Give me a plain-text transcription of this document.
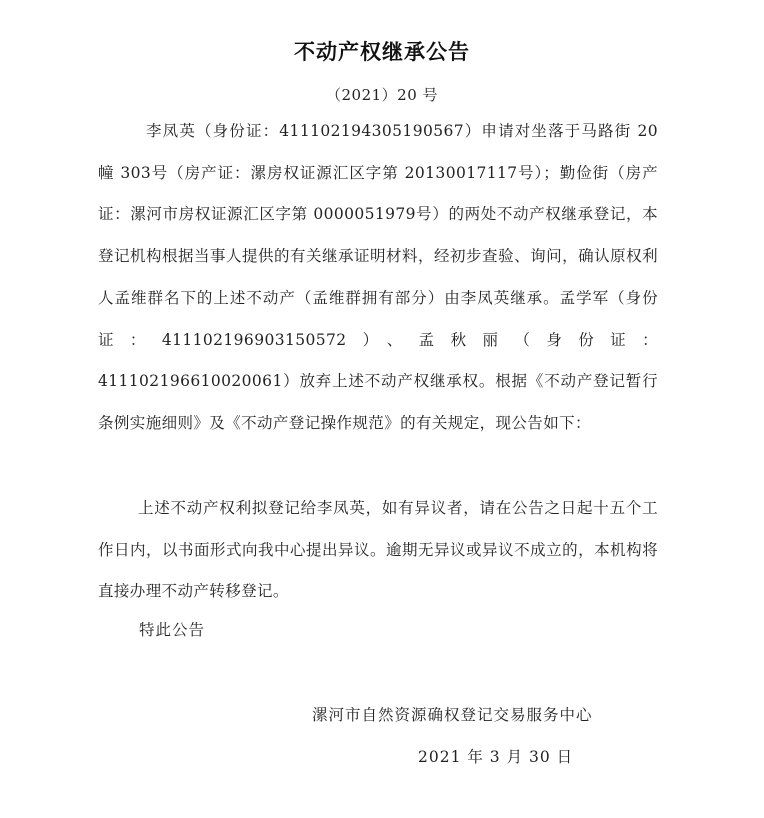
不动产权继承公告
（2021）20 号

李凤英（身份证：411102194305190567）申请对坐落于马路街 20幢 303号（房产证：漯房权证源汇区字第 20130017117号）；勤俭街（房产证：漯河市房权证源汇区字第 0000051979号）的两处不动产权继承登记，本登记机构根据当事人提供的有关继承证明材料，经初步查验、询问，确认原权利人孟维群名下的上述不动产（孟维群拥有部分）由李凤英继承。孟学军（身份证：411102196903150572）、孟秋丽（身份证：411102196610020061）放弃上述不动产权继承权。根据《不动产登记暂行条例实施细则》及《不动产登记操作规范》的有关规定，现公告如下：

上述不动产权利拟登记给李凤英，如有异议者，请在公告之日起十五个工作日内，以书面形式向我中心提出异议。逾期无异议或异议不成立的，本机构将直接办理不动产转移登记。

特此公告
漯河市自然资源确权登记交易服务中心
2021 年 3 月 30 日
